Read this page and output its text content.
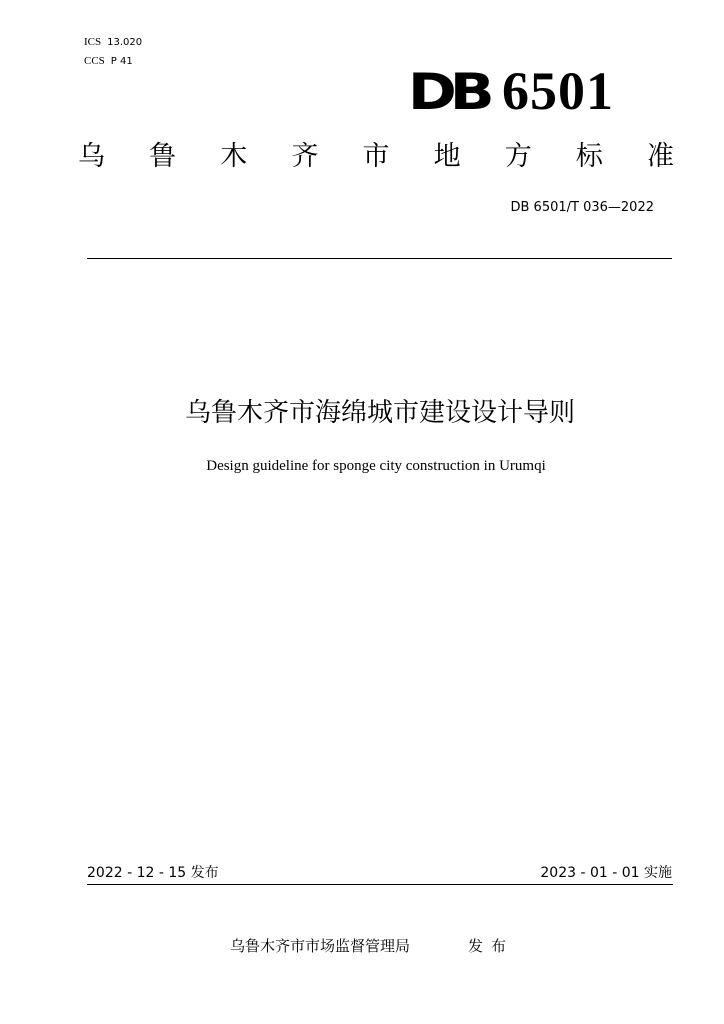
ICS 13.020
CCS P 41
DB 6501
乌 鲁 木 齐 市 地 方 标 准
DB 6501/T 036—2022
乌鲁木齐市海绵城市建设设计导则
Design guideline for sponge city construction in Urumqi
2022 - 12 - 15 发布	2023 - 01 - 01 实施
乌鲁木齐市市场监督管理局	发布
